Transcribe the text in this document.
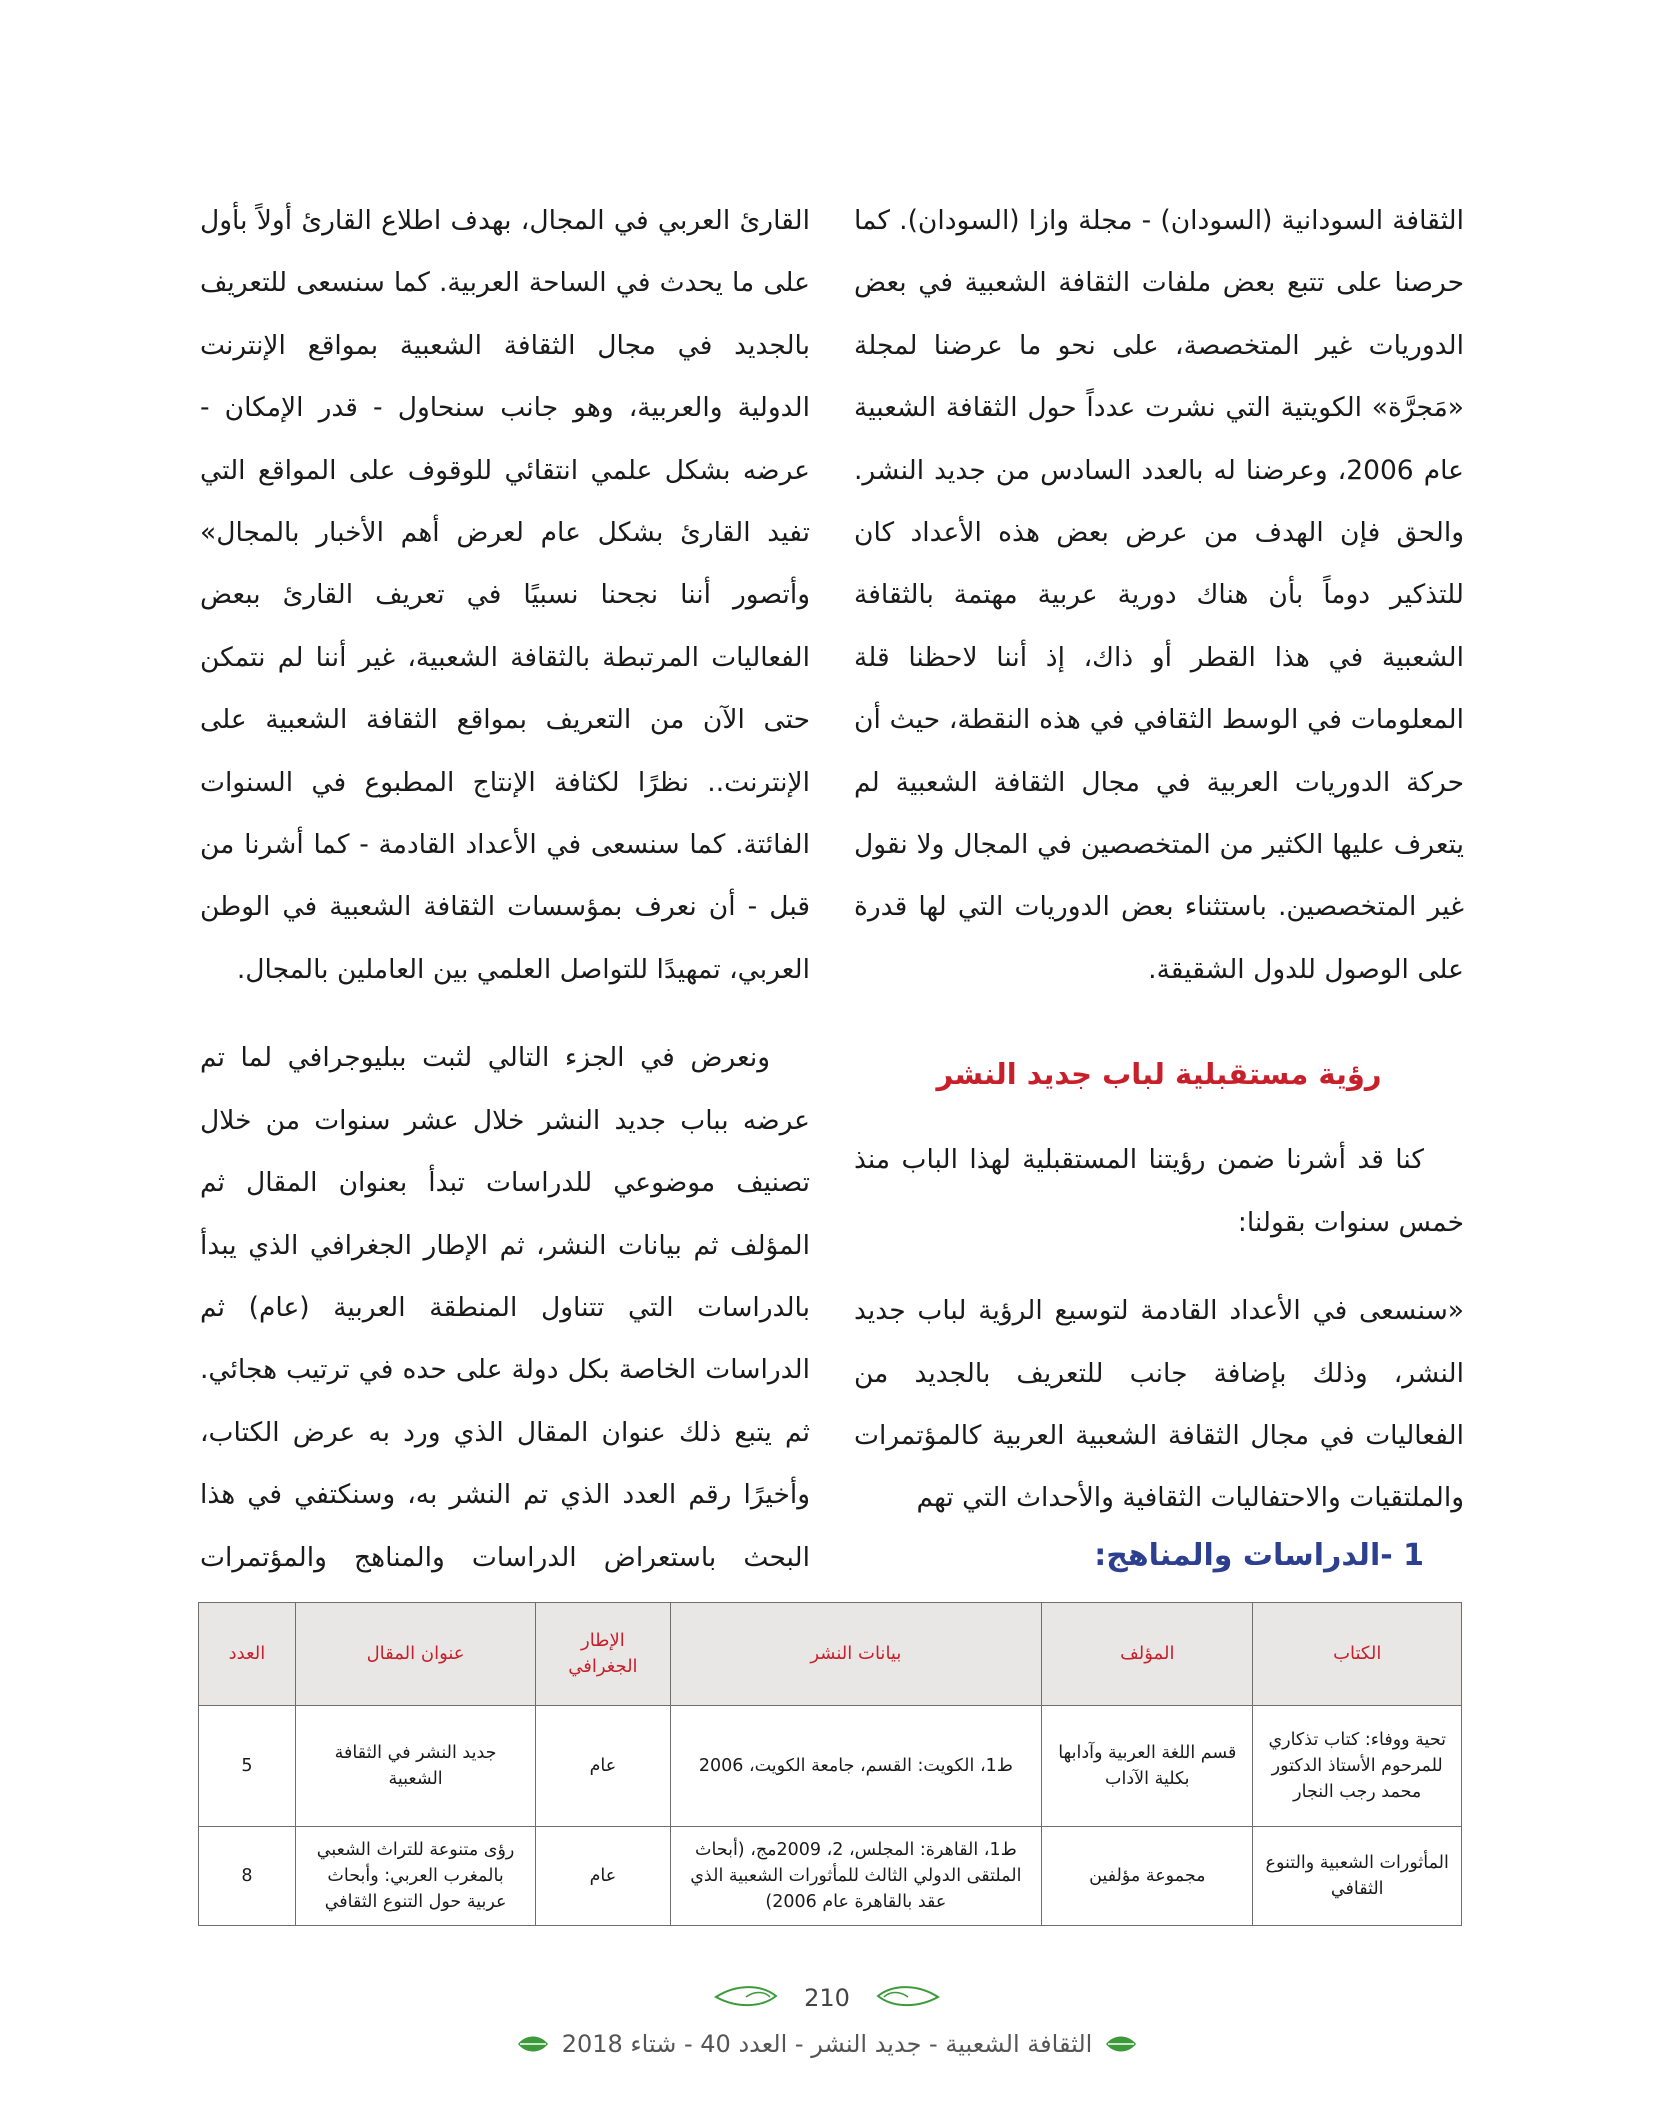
الثقافة السودانية (السودان) - مجلة وازا (السودان). كما حرصنا على تتبع بعض ملفات الثقافة الشعبية في بعض الدوريات غير المتخصصة، على نحو ما عرضنا لمجلة «مَجرَّة» الكويتية التي نشرت عدداً حول الثقافة الشعبية عام 2006، وعرضنا له بالعدد السادس من جديد النشر. والحق فإن الهدف من عرض بعض هذه الأعداد كان للتذكير دوماً بأن هناك دورية عربية مهتمة بالثقافة الشعبية في هذا القطر أو ذاك، إذ أننا لاحظنا قلة المعلومات في الوسط الثقافي في هذه النقطة، حيث أن حركة الدوريات العربية في مجال الثقافة الشعبية لم يتعرف عليها الكثير من المتخصصين في المجال ولا نقول غير المتخصصين. باستثناء بعض الدوريات التي لها قدرة على الوصول للدول الشقيقة.

رؤية مستقبلية لباب جديد النشر

كنا قد أشرنا ضمن رؤيتنا المستقبلية لهذا الباب منذ خمس سنوات بقولنا:

«سنسعى في الأعداد القادمة لتوسيع الرؤية لباب جديد النشر، وذلك بإضافة جانب للتعريف بالجديد من الفعاليات في مجال الثقافة الشعبية العربية كالمؤتمرات والملتقيات والاحتفاليات الثقافية والأحداث التي تهم

القارئ العربي في المجال، بهدف اطلاع القارئ أولاً بأول على ما يحدث في الساحة العربية. كما سنسعى للتعريف بالجديد في مجال الثقافة الشعبية بمواقع الإنترنت الدولية والعربية، وهو جانب سنحاول - قدر الإمكان - عرضه بشكل علمي انتقائي للوقوف على المواقع التي تفيد القارئ بشكل عام لعرض أهم الأخبار بالمجال» وأتصور أننا نجحنا نسبيًا في تعريف القارئ ببعض الفعاليات المرتبطة بالثقافة الشعبية، غير أننا لم نتمكن حتى الآن من التعريف بمواقع الثقافة الشعبية على الإنترنت.. نظرًا لكثافة الإنتاج المطبوع في السنوات الفائتة. كما سنسعى في الأعداد القادمة - كما أشرنا من قبل - أن نعرف بمؤسسات الثقافة الشعبية في الوطن العربي، تمهيدًا للتواصل العلمي بين العاملين بالمجال.

ونعرض في الجزء التالي لثبت ببليوجرافي لما تم عرضه بباب جديد النشر خلال عشر سنوات من خلال تصنيف موضوعي للدراسات تبدأ بعنوان المقال ثم المؤلف ثم بيانات النشر، ثم الإطار الجغرافي الذي يبدأ بالدراسات التي تتناول المنطقة العربية (عام) ثم الدراسات الخاصة بكل دولة على حده في ترتيب هجائي. ثم يتبع ذلك عنوان المقال الذي ورد به عرض الكتاب، وأخيرًا رقم العدد الذي تم النشر به، وسنكتفي في هذا البحث باستعراض الدراسات والمناهج والمؤتمرات	1 -الدراسات والمناهج:
الكتاب	المؤلف	بيانات النشر	الإطار الجغرافي	عنوان المقال	العدد
تحية ووفاء: كتاب تذكاري للمرحوم الأستاذ الدكتور محمد رجب النجار	قسم اللغة العربية وآدابها بكلية الآداب	ط1، الكويت: القسم، جامعة الكويت، 2006	عام	جديد النشر في الثقافة الشعبية	5
المأثورات الشعبية والتنوع الثقافي	مجموعة مؤلفين	ط1، القاهرة: المجلس، 2، 2009مج، (أبحاث الملتقى الدولي الثالث للمأثورات الشعبية الذي عقد بالقاهرة عام 2006)	عام	رؤى متنوعة للتراث الشعبي بالمغرب العربي: وأبحاث عربية حول التنوع الثقافي	8
210
الثقافة الشعبية - جديد النشر - العدد 40 - شتاء 2018
